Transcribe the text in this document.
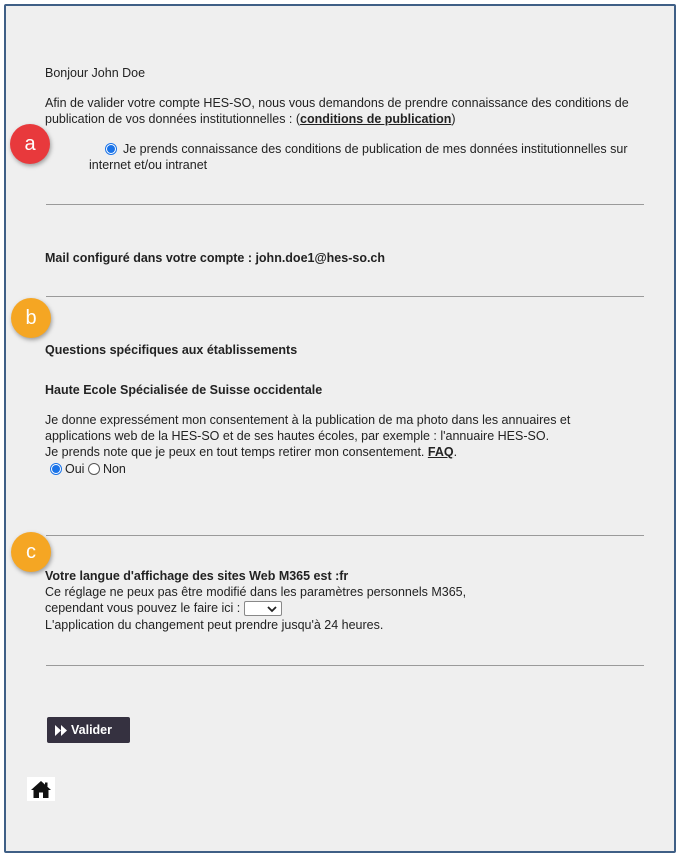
Bonjour John Doe
Afin de valider votre compte HES-SO, nous vous demandons de prendre connaissance des conditions de publication de vos données institutionnelles : (conditions de publication)
a	Je prends connaissance des conditions de publication de mes données institutionnelles sur internet et/ou intranet
Mail configuré dans votre compte : john.doe1@hes-so.ch
b
Questions spécifiques aux établissements
Haute Ecole Spécialisée de Suisse occidentale
Je donne expressément mon consentement à la publication de ma photo dans les annuaires et applications web de la HES-SO et de ses hautes écoles, par exemple : l'annuaire HES-SO.
Je prends note que je peux en tout temps retirer mon consentement. FAQ.
Oui Non
c
Votre langue d'affichage des sites Web M365 est :fr
Ce réglage ne peux pas être modifié dans les paramètres personnels M365,
cependant vous pouvez le faire ici :
L'application du changement peut prendre jusqu'à 24 heures.
Valider
